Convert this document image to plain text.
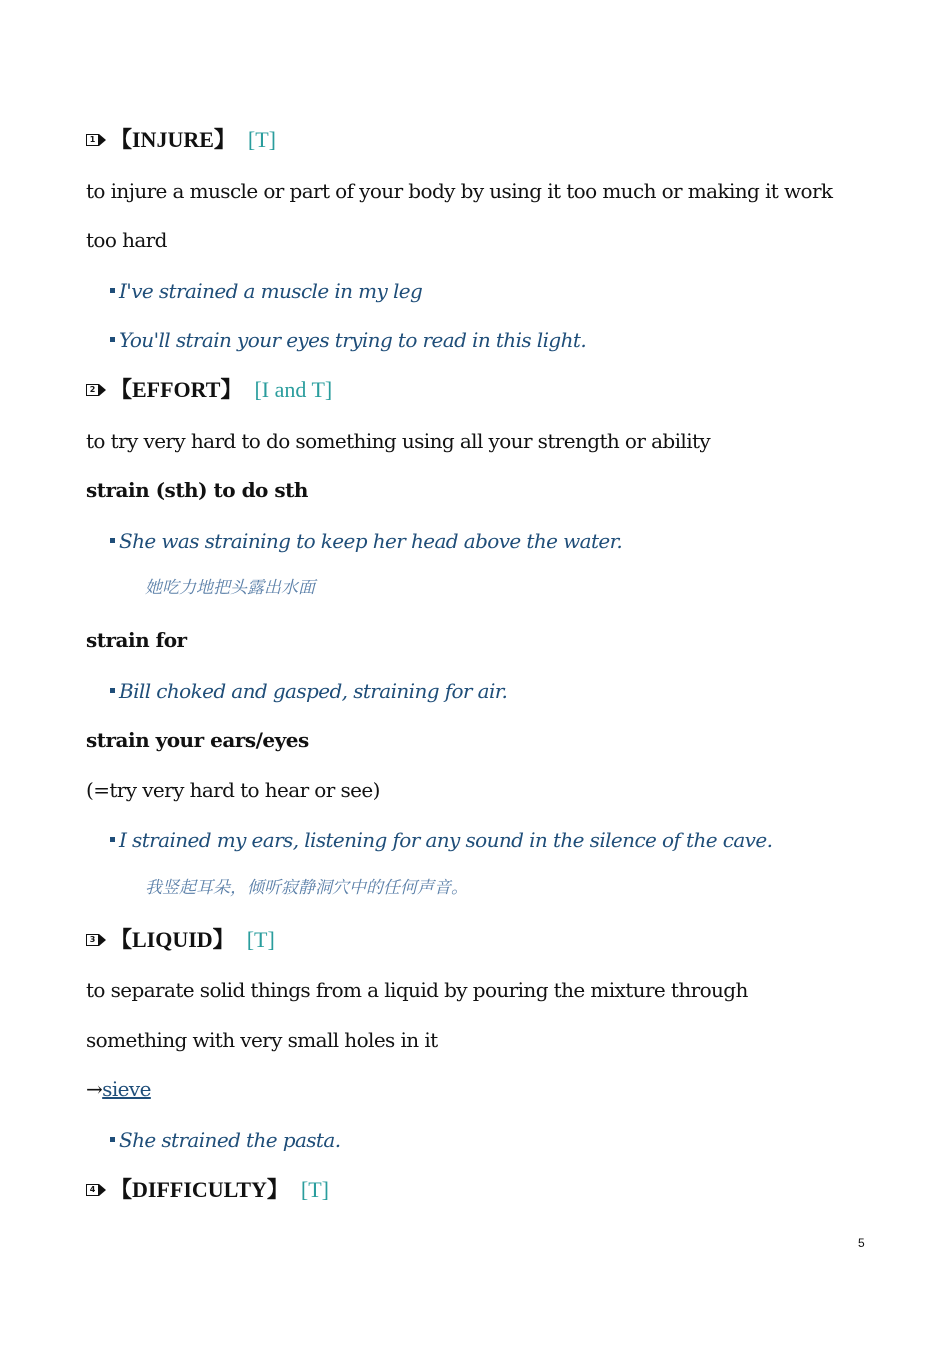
1 【INJURE】 [T]
to injure a muscle or part of your body by using it too much or making it work
too hard
I've strained a muscle in my leg
You'll strain your eyes trying to read in this light.
2 【EFFORT】 [I and T]
to try very hard to do something using all your strength or ability
strain (sth) to do sth
She was straining to keep her head above the water.
她吃力地把头露出水面
strain for
Bill choked and gasped, straining for air.
strain your ears/eyes
(=try very hard to hear or see)
I strained my ears, listening for any sound in the silence of the cave.
我竖起耳朵，倾听寂静洞穴中的任何声音。
3 【LIQUID】 [T]
to separate solid things from a liquid by pouring the mixture through
something with very small holes in it
→sieve
She strained the pasta.
4 【DIFFICULTY】 [T]
5
